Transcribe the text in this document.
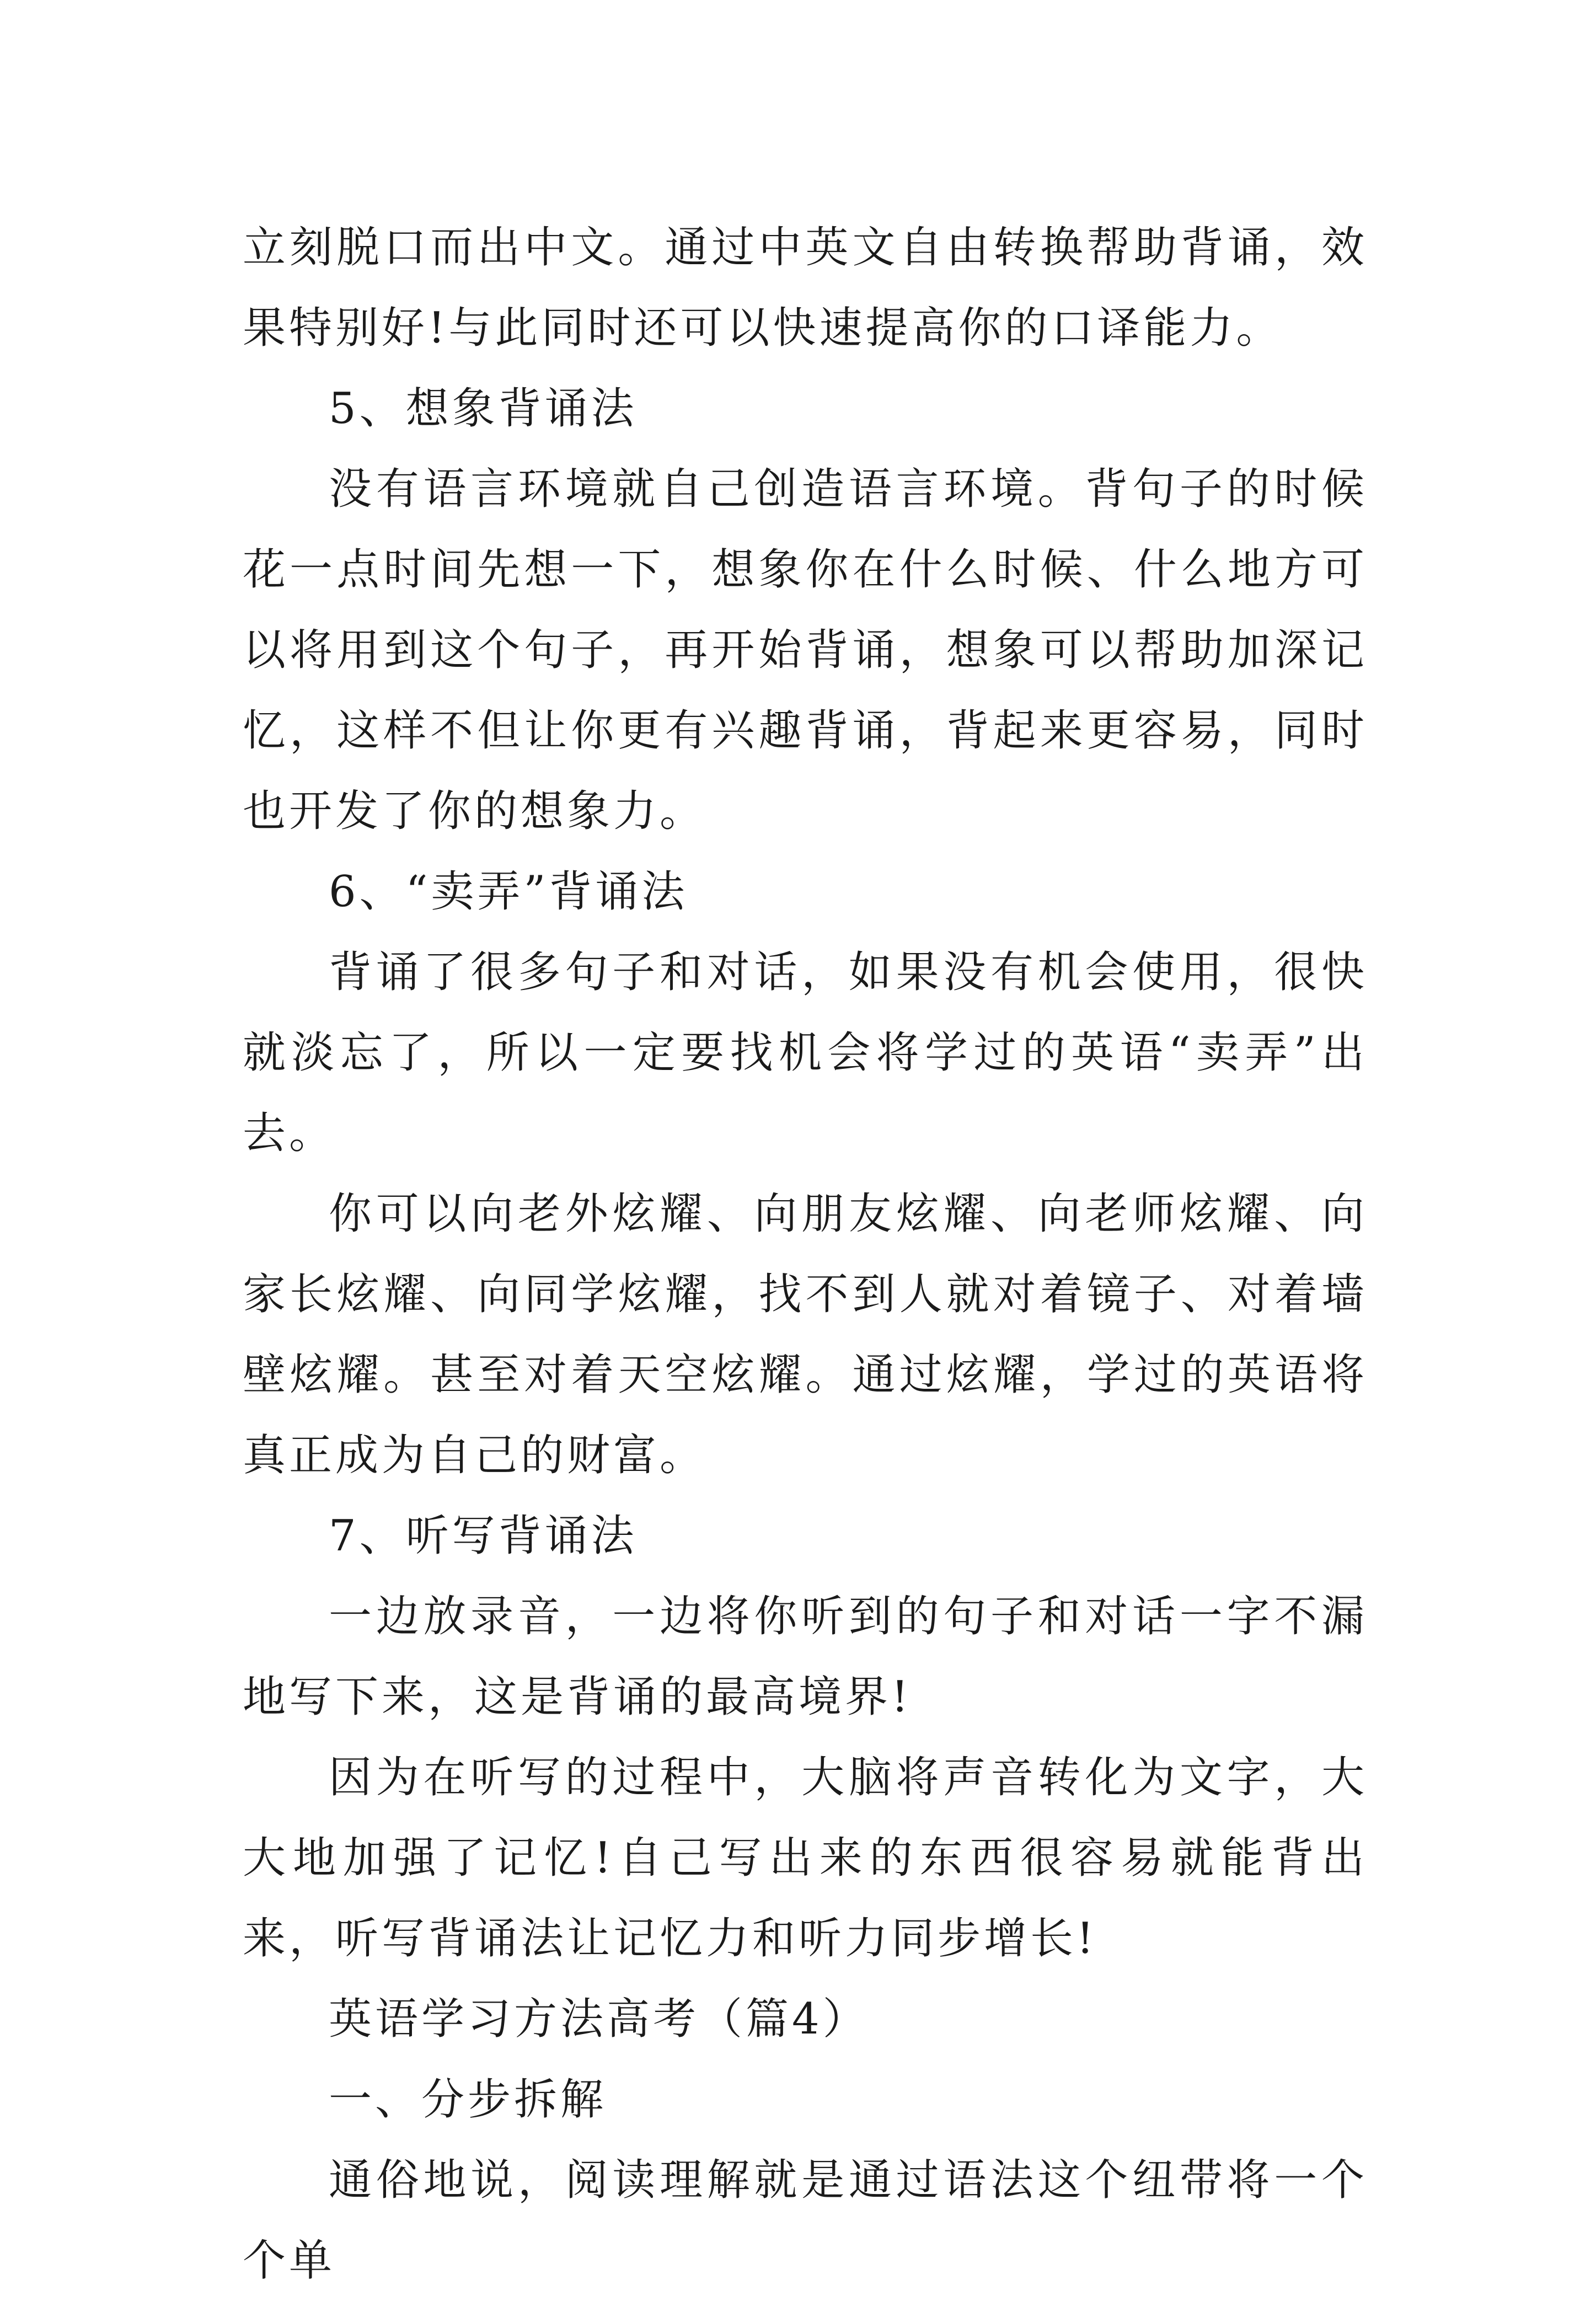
立刻脱口而出中文。通过中英文自由转换帮助背诵，效果特别好!与此同时还可以快速提高你的口译能力。

5、想象背诵法

没有语言环境就自己创造语言环境。背句子的时候花一点时间先想一下，想象你在什么时候、什么地方可以将用到这个句子，再开始背诵，想象可以帮助加深记忆，这样不但让你更有兴趣背诵，背起来更容易，同时也开发了你的想象力。

6、“卖弄”背诵法

背诵了很多句子和对话，如果没有机会使用，很快就淡忘了，所以一定要找机会将学过的英语“卖弄”出去。

你可以向老外炫耀、向朋友炫耀、向老师炫耀、向家长炫耀、向同学炫耀，找不到人就对着镜子、对着墙壁炫耀。甚至对着天空炫耀。通过炫耀，学过的英语将真正成为自己的财富。

7、听写背诵法

一边放录音，一边将你听到的句子和对话一字不漏地写下来，这是背诵的最高境界!

因为在听写的过程中，大脑将声音转化为文字，大大地加强了记忆!自己写出来的东西很容易就能背出来，听写背诵法让记忆力和听力同步增长!

英语学习方法高考（篇4）

一、分步拆解

通俗地说，阅读理解就是通过语法这个纽带将一个个单
